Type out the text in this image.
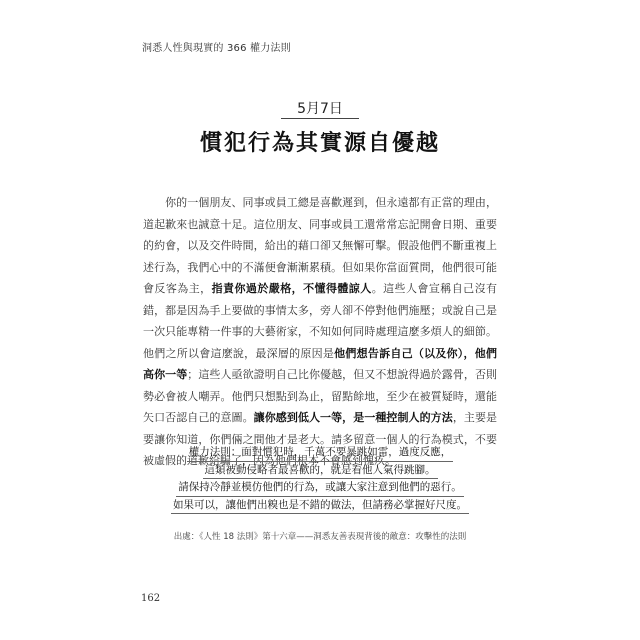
洞悉人性與現實的 366 權力法則
5月7日
慣犯行為其實源自優越
你的一個朋友、同事或員工總是喜歡遲到，但永遠都有正當的理由，道起歉來也誠意十足。這位朋友、同事或員工還常常忘記開會日期、重要的約會，以及交件時間，給出的藉口卻又無懈可擊。假設他們不斷重複上述行為，我們心中的不滿便會漸漸累積。但如果你當面質問，他們很可能會反客為主，指責你過於嚴格，不懂得體諒人。這些人會宣稱自己沒有錯，都是因為手上要做的事情太多，旁人卻不停對他們施壓；或說自己是一次只能專精一件事的大藝術家，不知如何同時處理這麼多煩人的細節。他們之所以會這麼說，最深層的原因是他們想告訴自己（以及你），他們高你一等；這些人亟欲證明自己比你優越，但又不想說得過於露骨，否則勢必會被人嘲弄。他們只想點到為止，留點餘地，至少在被質疑時，還能矢口否認自己的意圖。讓你感到低人一等，是一種控制人的方法，主要是要讓你知道，你們倆之間他才是老大。請多留意一個人的行為模式，不要被虛假的道歉給騙了，因為他們根本不會感到愧疚。
權力法則：面對慣犯時，千萬不要暴跳如雷，過度反應，
這類被動侵略者最喜歡的，就是看他人氣得跳腳。
請保持冷靜並模仿他們的行為，或讓大家注意到他們的惡行。
如果可以，讓他們出糗也是不錯的做法，但請務必掌握好尺度。
出處：《人性 18 法則》第十六章——洞悉友善表現背後的敵意：攻擊性的法則
162
